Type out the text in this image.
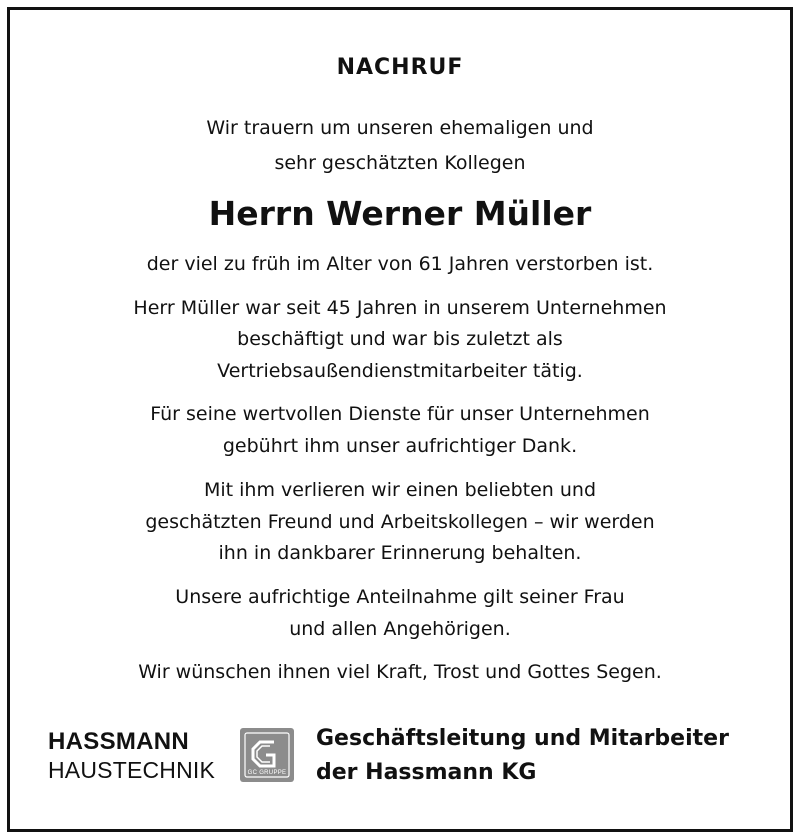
NACHRUF
Wir trauern um unseren ehemaligen und
sehr geschätzten Kollegen
Herrn Werner Müller
der viel zu früh im Alter von 61 Jahren verstorben ist.
Herr Müller war seit 45 Jahren in unserem Unternehmen
beschäftigt und war bis zuletzt als
Vertriebsaußendienstmitarbeiter tätig.
Für seine wertvollen Dienste für unser Unternehmen
gebührt ihm unser aufrichtiger Dank.
Mit ihm verlieren wir einen beliebten und
geschätzten Freund und Arbeitskollegen – wir werden
ihn in dankbarer Erinnerung behalten.
Unsere aufrichtige Anteilnahme gilt seiner Frau
und allen Angehörigen.
Wir wünschen ihnen viel Kraft, Trost und Gottes Segen.
HASSMANN
HAUSTECHNIK	GC GRUPPE
Geschäftsleitung und Mitarbeiter
der Hassmann KG
